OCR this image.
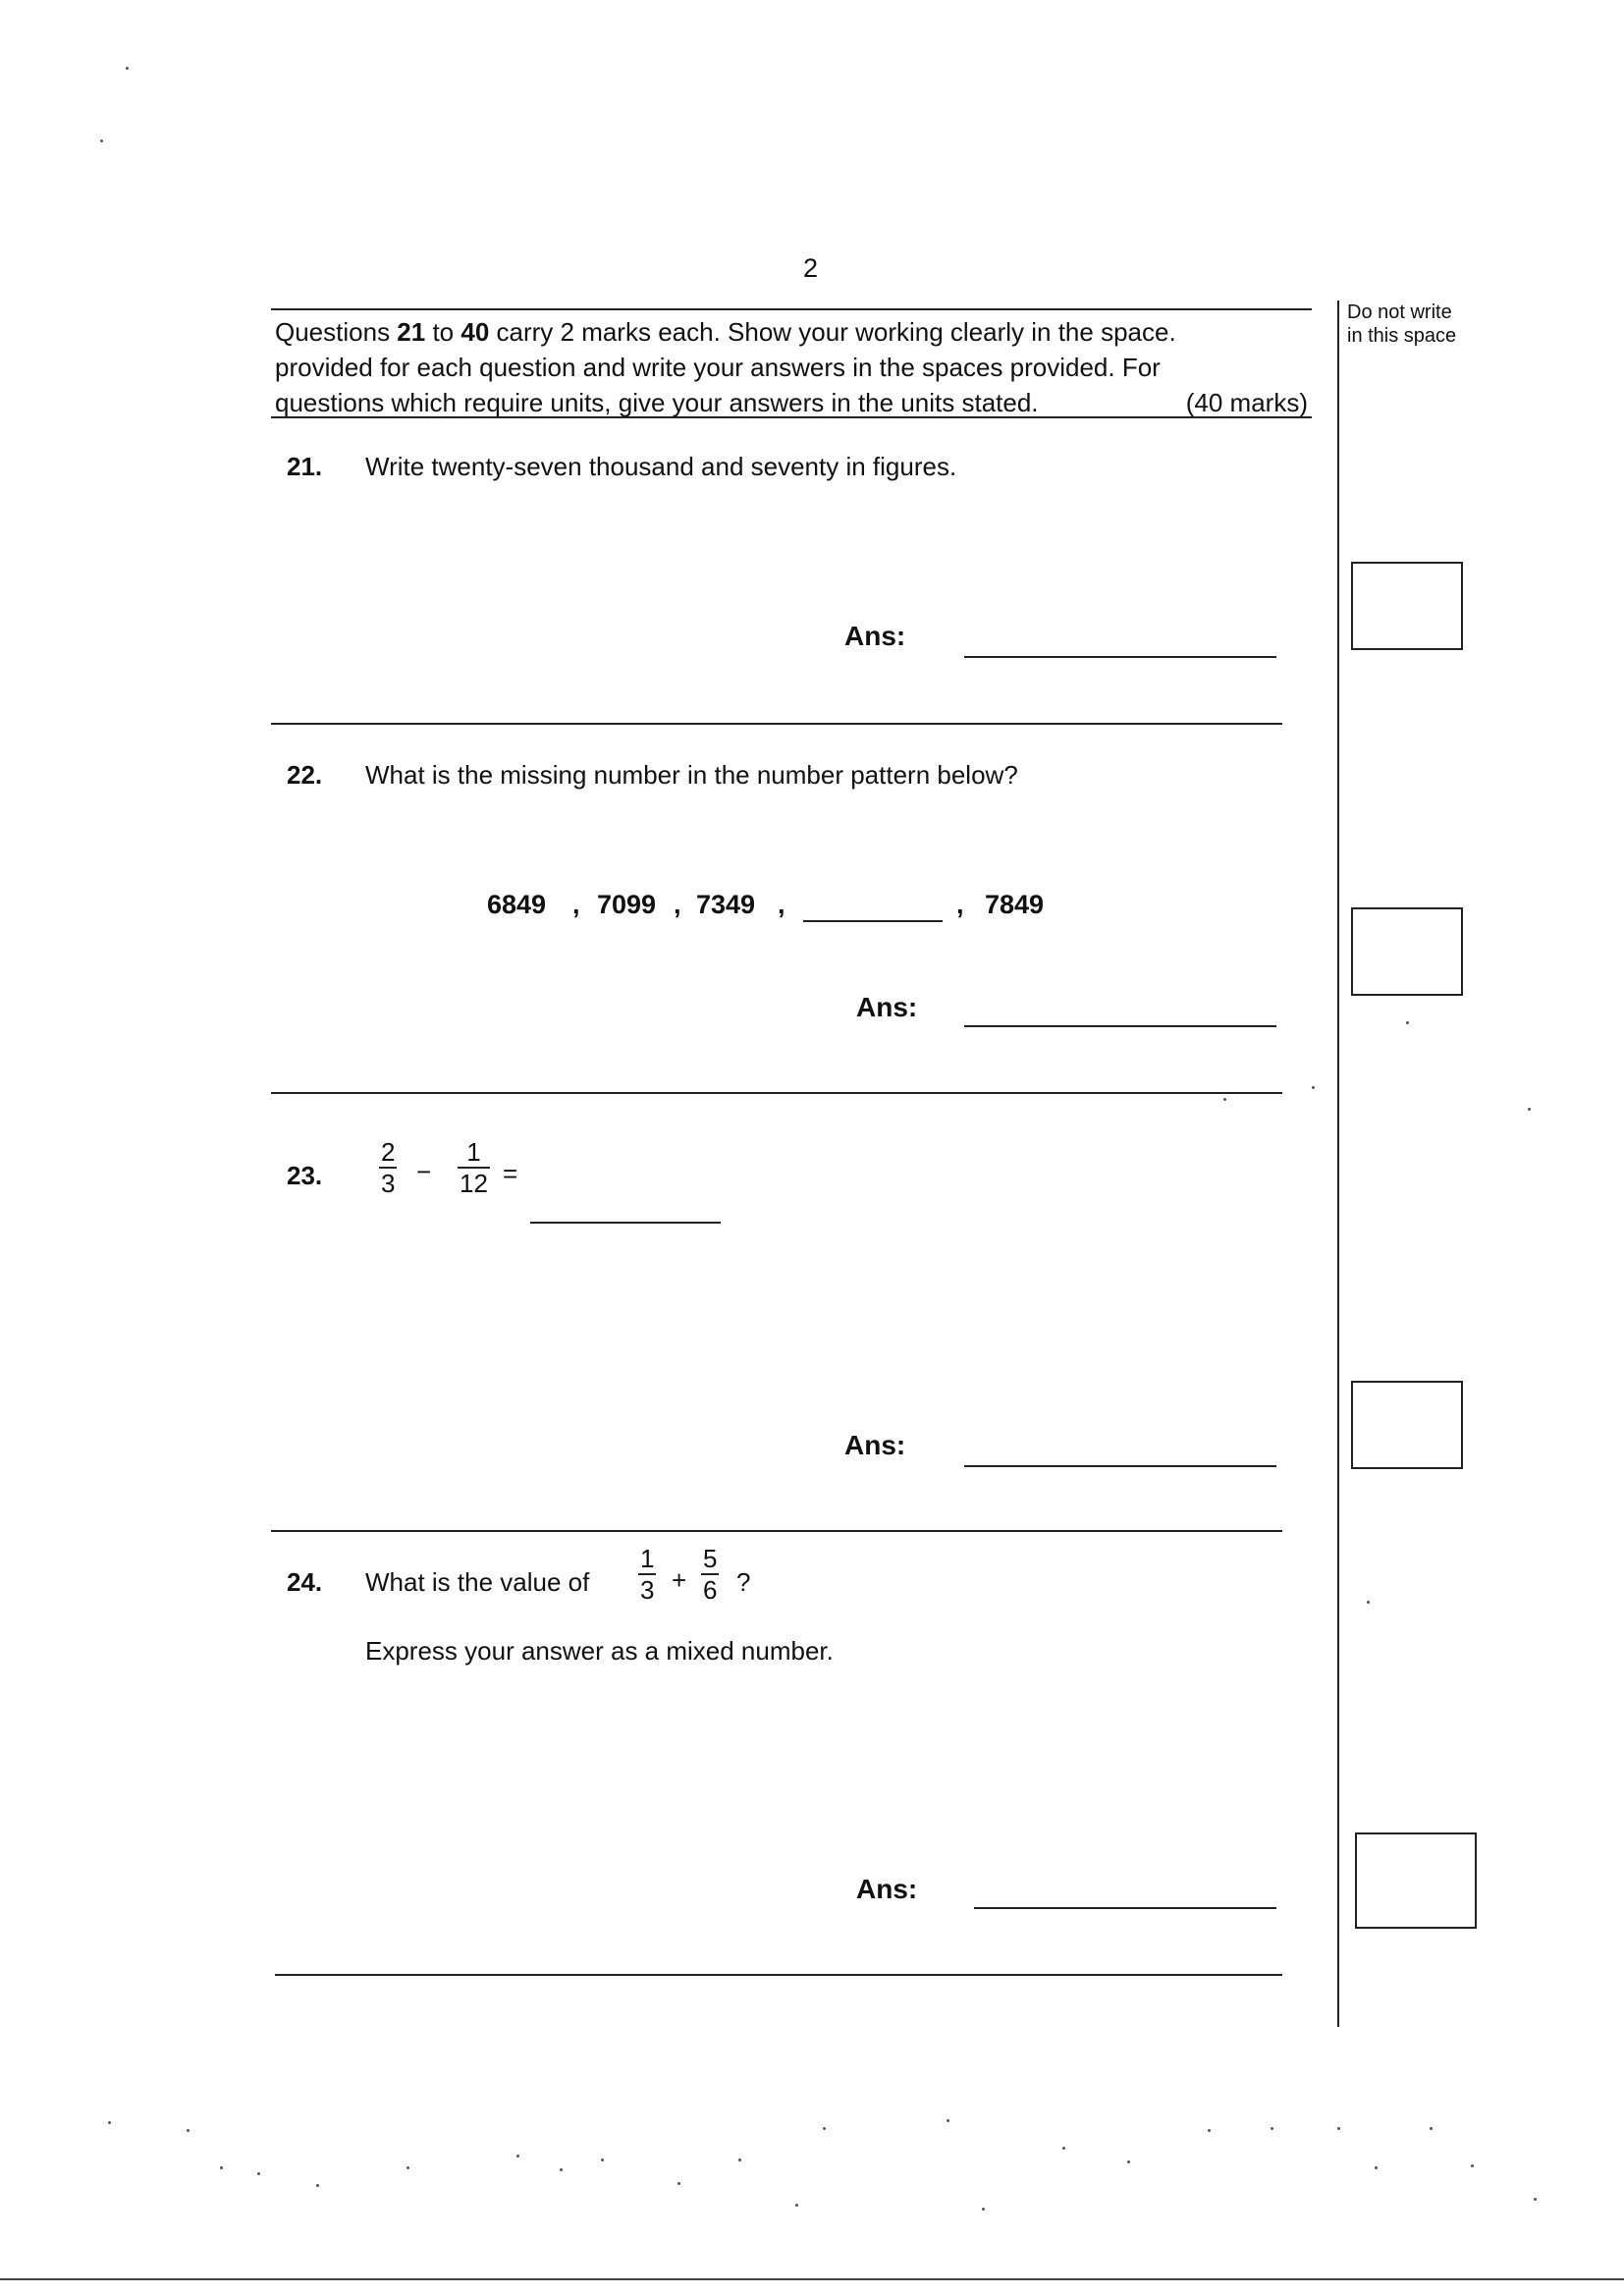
2
Questions 21 to 40 carry 2 marks each. Show your working clearly in the space.
provided for each question and write your answers in the spaces provided. For
questions which require units, give your answers in the units stated.	(40 marks)
Do not write
in this space
21. Write twenty-seven thousand and seventy in figures.
Ans:
22. What is the missing number in the number pattern below?
6849 , 7099 , 7349 ,	, 7849
Ans:
23. $\frac{2}{3} - \frac{1}{12}$ =
Ans:
24. What is the value of $\frac{1}{3} + \frac{5}{6}$ ?
Express your answer as a mixed number.
Ans:
